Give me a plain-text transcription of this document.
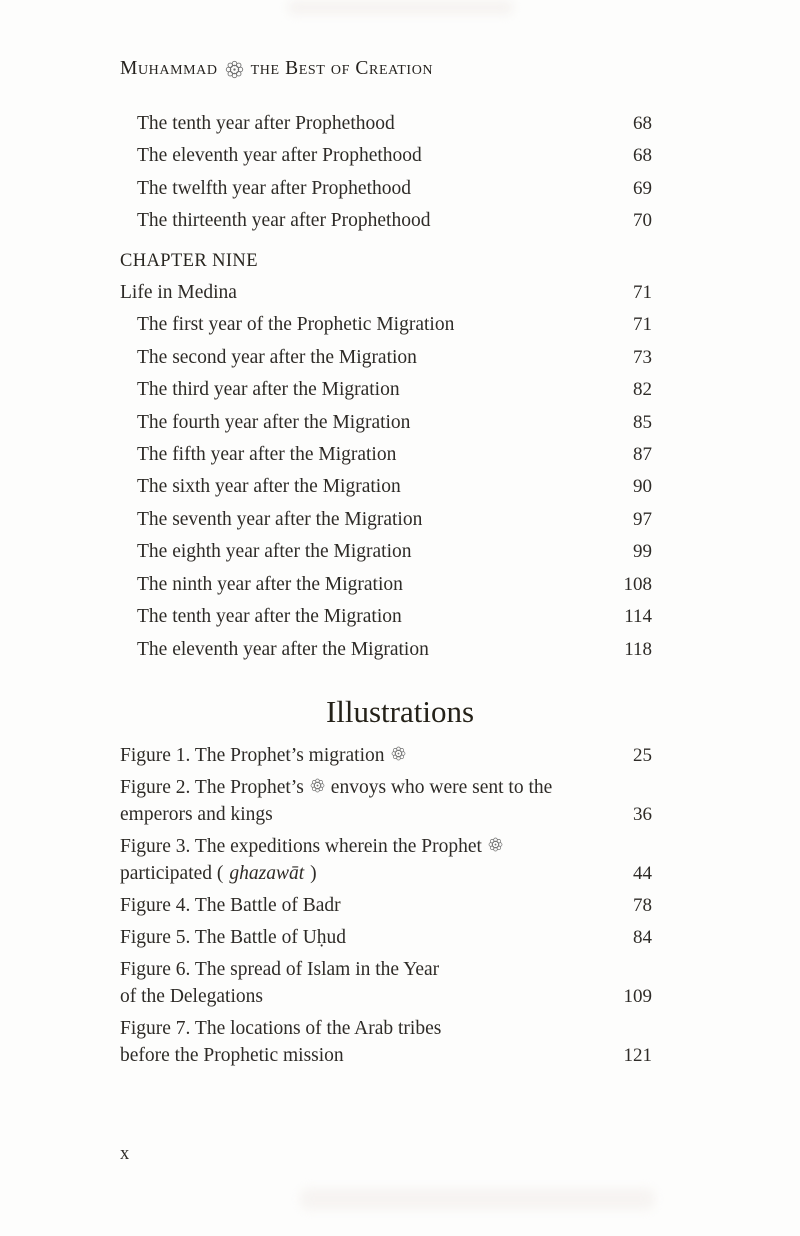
Muhammad the Best of Creation
The tenth year after Prophethood	68
The eleventh year after Prophethood	68
The twelfth year after Prophethood	69
The thirteenth year after Prophethood	70
CHAPTER NINE
Life in Medina	71
The first year of the Prophetic Migration	71
The second year after the Migration	73
The third year after the Migration	82
The fourth year after the Migration	85
The fifth year after the Migration	87
The sixth year after the Migration	90
The seventh year after the Migration	97
The eighth year after the Migration	99
The ninth year after the Migration	108
The tenth year after the Migration	114
The eleventh year after the Migration	118
Illustrations
Figure 1. The Prophet’s migration	25
Figure 2. The Prophet’s
envoys who were sent to the
emperors and kings	36
Figure 3. The expeditions wherein the Prophet
participated ( ghazawāt )	44
Figure 4. The Battle of Badr	78
Figure 5. The Battle of Uḥud	84
Figure 6. The spread of Islam in the Year
of the Delegations	109
Figure 7. The locations of the Arab tribes
before the Prophetic mission	121
x
